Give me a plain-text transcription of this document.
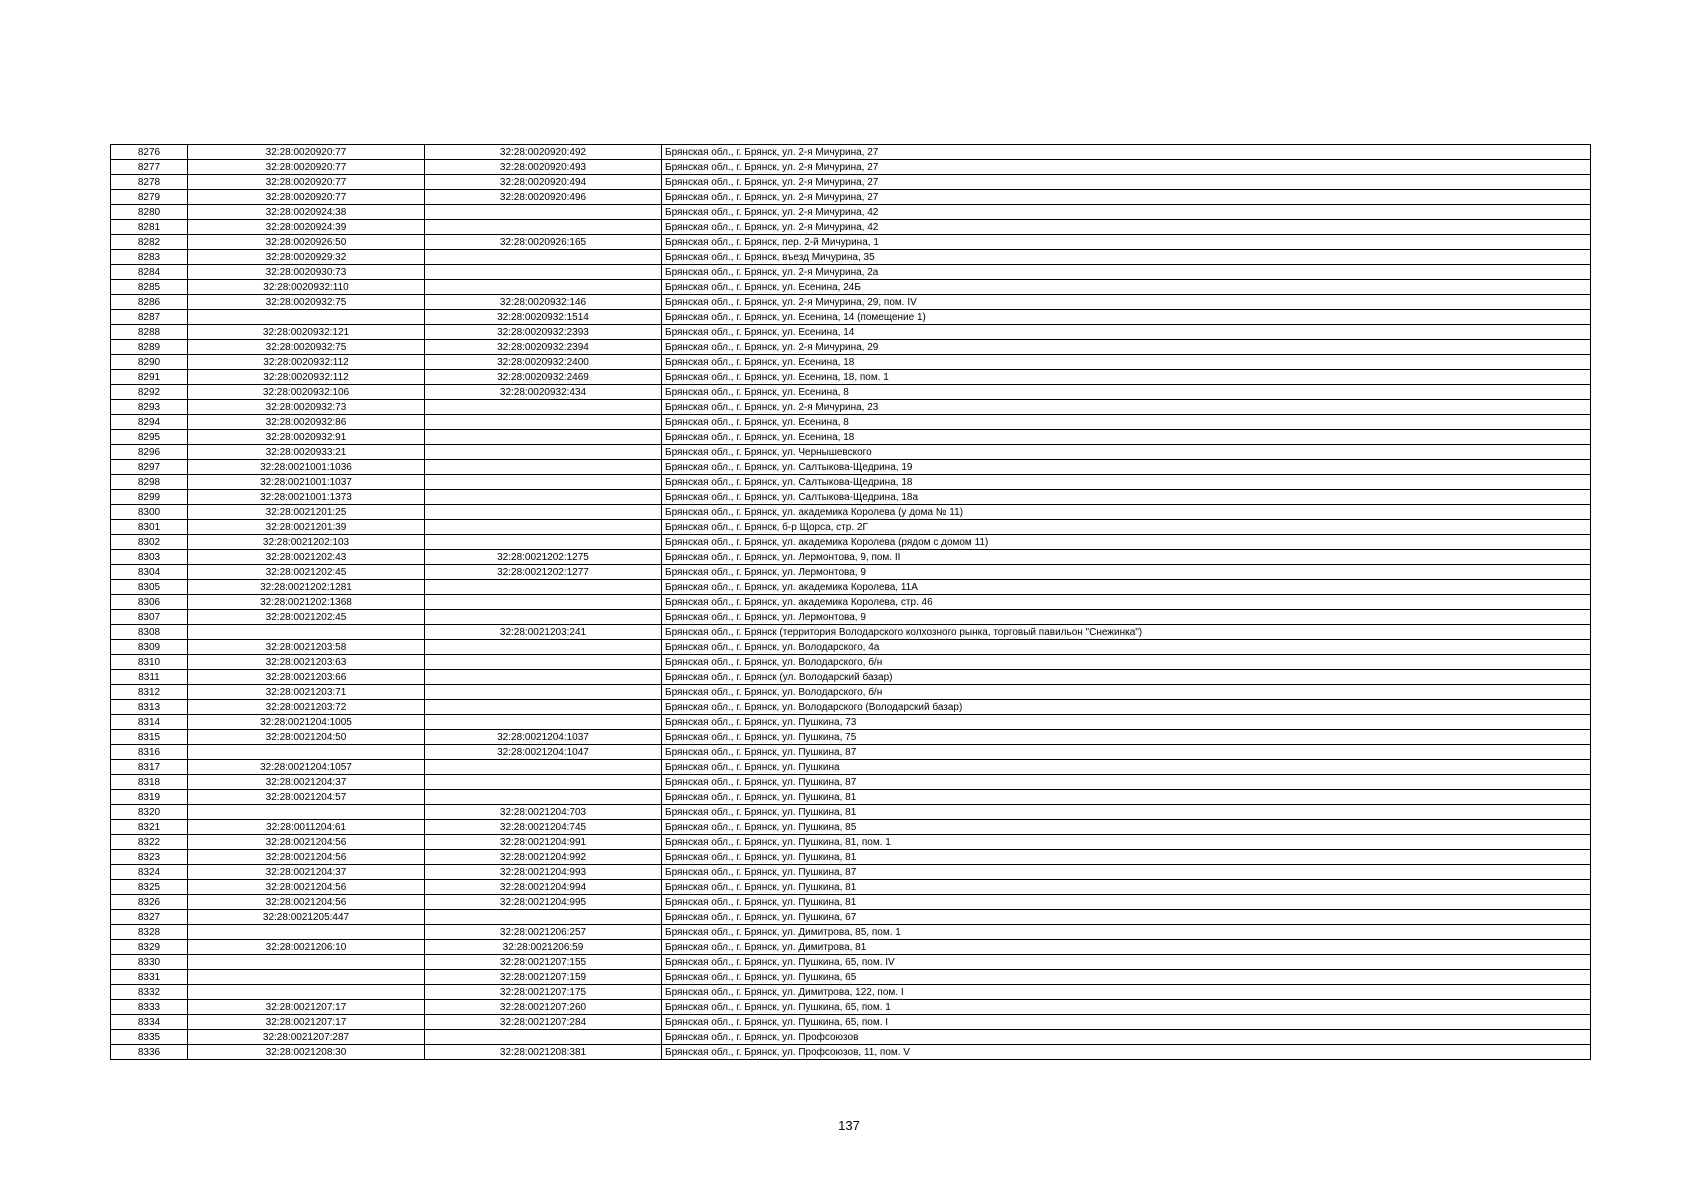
8276	32:28:0020920:77	32:28:0020920:492	Брянская обл., г. Брянск, ул. 2-я Мичурина, 27
8277	32:28:0020920:77	32:28:0020920:493	Брянская обл., г. Брянск, ул. 2-я Мичурина, 27
8278	32:28:0020920:77	32:28:0020920:494	Брянская обл., г. Брянск, ул. 2-я Мичурина, 27
8279	32:28:0020920:77	32:28:0020920:496	Брянская обл., г. Брянск, ул. 2-я Мичурина, 27
8280	32:28:0020924:38		Брянская обл., г. Брянск, ул. 2-я Мичурина, 42
8281	32:28:0020924:39		Брянская обл., г. Брянск, ул. 2-я Мичурина, 42
8282	32:28:0020926:50	32:28:0020926:165	Брянская обл., г. Брянск, пер. 2-й Мичурина, 1
8283	32:28:0020929:32		Брянская обл., г. Брянск, въезд Мичурина, 35
8284	32:28:0020930:73		Брянская обл., г. Брянск, ул. 2-я Мичурина, 2а
8285	32:28:0020932:110		Брянская обл., г. Брянск, ул. Есенина, 24Б
8286	32:28:0020932:75	32:28:0020932:146	Брянская обл., г. Брянск, ул. 2-я Мичурина, 29, пом. IV
8287		32:28:0020932:1514	Брянская обл., г. Брянск, ул. Есенина, 14 (помещение 1)
8288	32:28:0020932:121	32:28:0020932:2393	Брянская обл., г. Брянск, ул. Есенина, 14
8289	32:28:0020932:75	32:28:0020932:2394	Брянская обл., г. Брянск, ул. 2-я Мичурина, 29
8290	32:28:0020932:112	32:28:0020932:2400	Брянская обл., г. Брянск, ул. Есенина, 18
8291	32:28:0020932:112	32:28:0020932:2469	Брянская обл., г. Брянск, ул. Есенина, 18, пом. 1
8292	32:28:0020932:106	32:28:0020932:434	Брянская обл., г. Брянск, ул. Есенина, 8
8293	32:28:0020932:73		Брянская обл., г. Брянск, ул. 2-я Мичурина, 23
8294	32:28:0020932:86		Брянская обл., г. Брянск, ул. Есенина, 8
8295	32:28:0020932:91		Брянская обл., г. Брянск, ул. Есенина, 18
8296	32:28:0020933:21		Брянская обл., г. Брянск, ул. Чернышевского
8297	32:28:0021001:1036		Брянская обл., г. Брянск, ул. Салтыкова-Щедрина, 19
8298	32:28:0021001:1037		Брянская обл., г. Брянск, ул. Салтыкова-Щедрина, 18
8299	32:28:0021001:1373		Брянская обл., г. Брянск, ул. Салтыкова-Щедрина, 18а
8300	32:28:0021201:25		Брянская обл., г. Брянск, ул. академика Королева (у дома № 11)
8301	32:28:0021201:39		Брянская обл., г. Брянск, б-р Щорса, стр. 2Г
8302	32:28:0021202:103		Брянская обл., г. Брянск, ул. академика Королева (рядом с домом 11)
8303	32:28:0021202:43	32:28:0021202:1275	Брянская обл., г. Брянск, ул. Лермонтова, 9, пом. II
8304	32:28:0021202:45	32:28:0021202:1277	Брянская обл., г. Брянск, ул. Лермонтова, 9
8305	32:28:0021202:1281		Брянская обл., г. Брянск, ул. академика Королева, 11А
8306	32:28:0021202:1368		Брянская обл., г. Брянск, ул. академика Королева, стр. 46
8307	32:28:0021202:45		Брянская обл., г. Брянск, ул. Лермонтова, 9
8308		32:28:0021203:241	Брянская обл., г. Брянск (территория Володарского колхозного рынка, торговый павильон "Снежинка")
8309	32:28:0021203:58		Брянская обл., г. Брянск, ул. Володарского, 4а
8310	32:28:0021203:63		Брянская обл., г. Брянск, ул. Володарского, б/н
8311	32:28:0021203:66		Брянская обл., г. Брянск (ул. Володарский базар)
8312	32:28:0021203:71		Брянская обл., г. Брянск, ул. Володарского, б/н
8313	32:28:0021203:72		Брянская обл., г. Брянск, ул. Володарского (Володарский базар)
8314	32:28:0021204:1005		Брянская обл., г. Брянск, ул. Пушкина, 73
8315	32:28:0021204:50	32:28:0021204:1037	Брянская обл., г. Брянск, ул. Пушкина, 75
8316		32:28:0021204:1047	Брянская обл., г. Брянск, ул. Пушкина, 87
8317	32:28:0021204:1057		Брянская обл., г. Брянск, ул. Пушкина
8318	32:28:0021204:37		Брянская обл., г. Брянск, ул. Пушкина, 87
8319	32:28:0021204:57		Брянская обл., г. Брянск, ул. Пушкина, 81
8320		32:28:0021204:703	Брянская обл., г. Брянск, ул. Пушкина, 81
8321	32:28:0011204:61	32:28:0021204:745	Брянская обл., г. Брянск, ул. Пушкина, 85
8322	32:28:0021204:56	32:28:0021204:991	Брянская обл., г. Брянск, ул. Пушкина, 81, пом. 1
8323	32:28:0021204:56	32:28:0021204:992	Брянская обл., г. Брянск, ул. Пушкина, 81
8324	32:28:0021204:37	32:28:0021204:993	Брянская обл., г. Брянск, ул. Пушкина, 87
8325	32:28:0021204:56	32:28:0021204:994	Брянская обл., г. Брянск, ул. Пушкина, 81
8326	32:28:0021204:56	32:28:0021204:995	Брянская обл., г. Брянск, ул. Пушкина, 81
8327	32:28:0021205:447		Брянская обл., г. Брянск, ул. Пушкина, 67
8328		32:28:0021206:257	Брянская обл., г. Брянск, ул. Димитрова, 85, пом. 1
8329	32:28:0021206:10	32:28:0021206:59	Брянская обл., г. Брянск, ул. Димитрова, 81
8330		32:28:0021207:155	Брянская обл., г. Брянск, ул. Пушкина, 65, пом. IV
8331		32:28:0021207:159	Брянская обл., г. Брянск, ул. Пушкина, 65
8332		32:28:0021207:175	Брянская обл., г. Брянск, ул. Димитрова, 122, пом. I
8333	32:28:0021207:17	32:28:0021207:260	Брянская обл., г. Брянск, ул. Пушкина, 65, пом. 1
8334	32:28:0021207:17	32:28:0021207:284	Брянская обл., г. Брянск, ул. Пушкина, 65, пом. I
8335	32:28:0021207:287		Брянская обл., г. Брянск, ул. Профсоюзов
8336	32:28:0021208:30	32:28:0021208:381	Брянская обл., г. Брянск, ул. Профсоюзов, 11, пом. V
137
